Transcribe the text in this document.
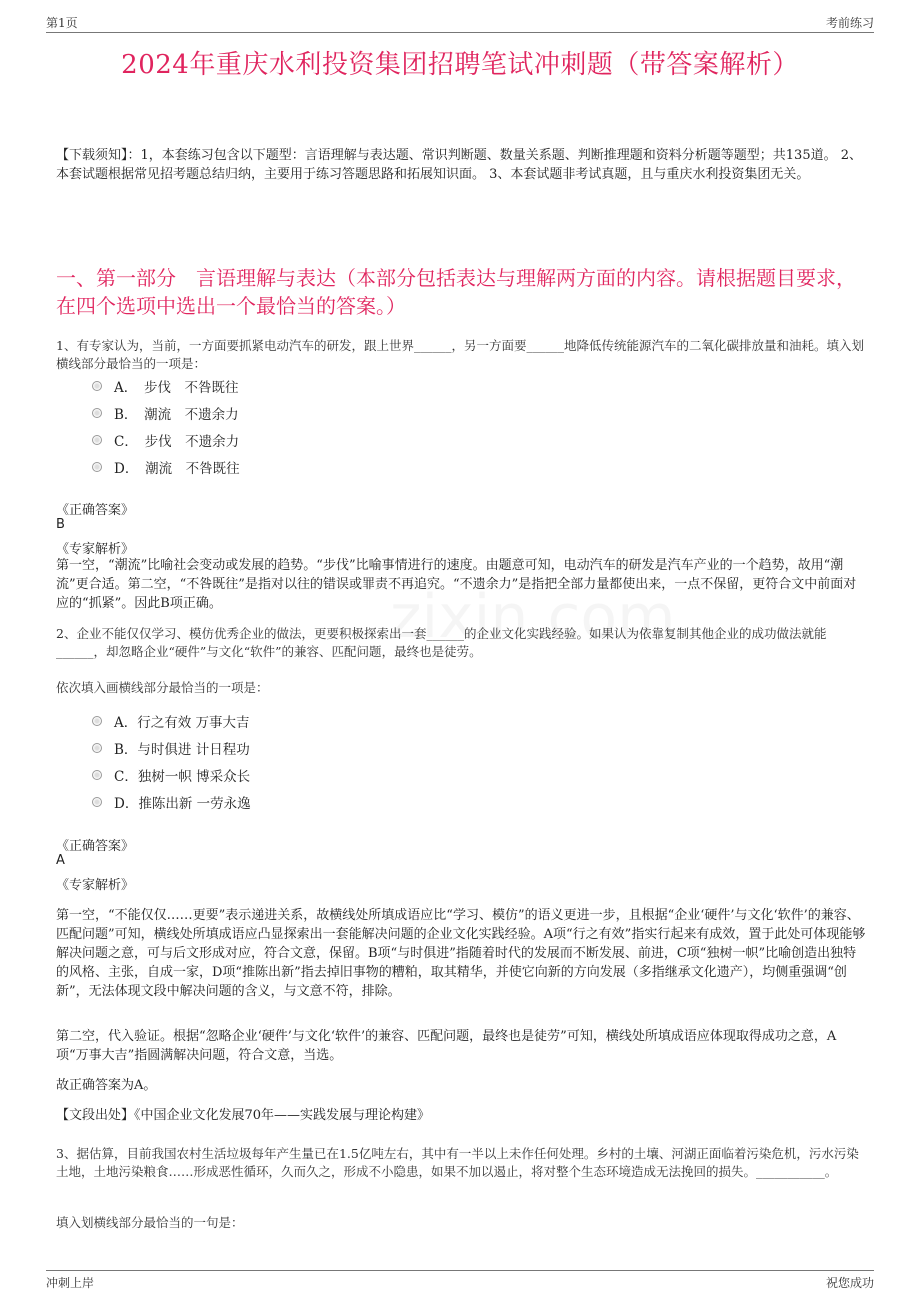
第1页	考前练习
2024年重庆水利投资集团招聘笔试冲刺题（带答案解析）
【下载须知】：1，本套练习包含以下题型：言语理解与表达题、常识判断题、数量关系题、判断推理题和资料分析题等题型；共135道。 2、本套试题根据常见招考题总结归纳，主要用于练习答题思路和拓展知识面。 3、本套试题非考试真题，且与重庆水利投资集团无关。
一、第一部分　言语理解与表达（本部分包括表达与理解两方面的内容。请根据题目要求，在四个选项中选出一个最恰当的答案。）
1、有专家认为，当前，一方面要抓紧电动汽车的研发，跟上世界______，另一方面要______地降低传统能源汽车的二氧化碳排放量和油耗。填入划横线部分最恰当的一项是：
A．　步伐　不咎既往
B．　潮流　不遗余力
C．　步伐　不遗余力
D．　潮流　不咎既往
《正确答案》
B
《专家解析》
第一空，“潮流”比喻社会变动或发展的趋势。“步伐”比喻事情进行的速度。由题意可知，电动汽车的研发是汽车产业的一个趋势，故用“潮流”更合适。第二空，“不咎既往”是指对以往的错误或罪责不再追究。“不遗余力”是指把全部力量都使出来，一点不保留，更符合文中前面对应的“抓紧”。因此B项正确。
2、企业不能仅仅学习、模仿优秀企业的做法，更要积极探索出一套______的企业文化实践经验。如果认为依靠复制其他企业的成功做法就能______，却忽略企业“硬件”与文化“软件”的兼容、匹配问题，最终也是徒劳。
依次填入画横线部分最恰当的一项是：
A．行之有效 万事大吉
B．与时俱进 计日程功
C．独树一帜 博采众长
D．推陈出新 一劳永逸
《正确答案》
A
《专家解析》
第一空，“不能仅仅……更要”表示递进关系，故横线处所填成语应比“学习、模仿”的语义更进一步，且根据“企业‘硬件’与文化‘软件’的兼容、匹配问题”可知，横线处所填成语应凸显探索出一套能解决问题的企业文化实践经验。A项“行之有效”指实行起来有成效，置于此处可体现能够解决问题之意，可与后文形成对应，符合文意，保留。B项“与时俱进”指随着时代的发展而不断发展、前进，C项“独树一帜”比喻创造出独特的风格、主张，自成一家，D项“推陈出新”指去掉旧事物的糟粕，取其精华，并使它向新的方向发展（多指继承文化遗产），均侧重强调“创新”，无法体现文段中解决问题的含义，与文意不符，排除。
第二空，代入验证。根据“忽略企业‘硬件’与文化‘软件’的兼容、匹配问题，最终也是徒劳”可知，横线处所填成语应体现取得成功之意，A项“万事大吉”指圆满解决问题，符合文意，当选。
故正确答案为A。
【文段出处】《中国企业文化发展70年——实践发展与理论构建》
3、据估算，目前我国农村生活垃圾每年产生量已在1.5亿吨左右，其中有一半以上未作任何处理。乡村的土壤、河湖正面临着污染危机，污水污染土地，土地污染粮食……形成恶性循环，久而久之，形成不小隐患，如果不加以遏止，将对整个生态环境造成无法挽回的损失。___________。
填入划横线部分最恰当的一句是：
冲刺上岸	祝您成功
